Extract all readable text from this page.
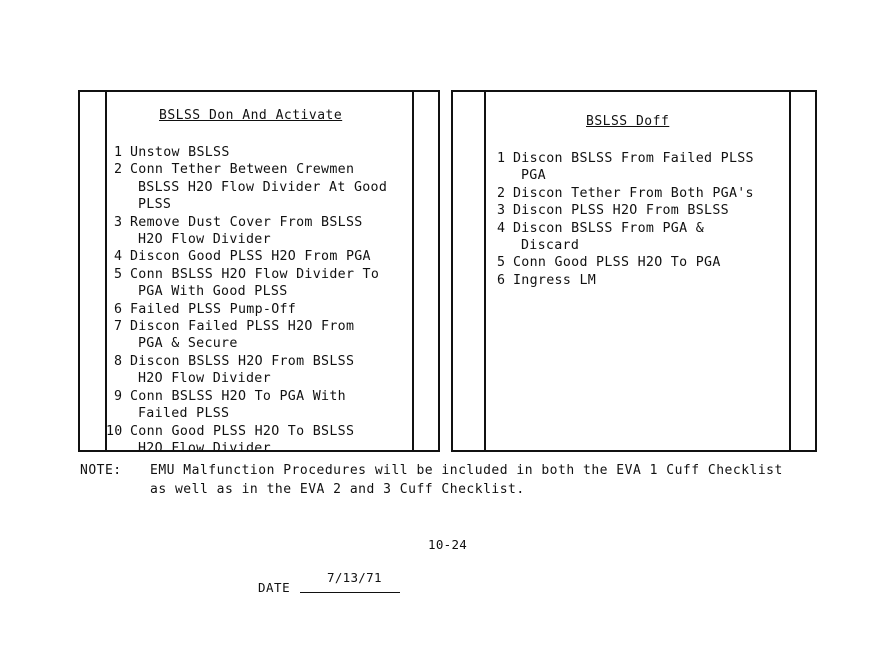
BSLSS Don And Activate
1 Unstow BSLSS
2 Conn Tether Between Crewmen
BSLSS H2O Flow Divider At Good
PLSS
3 Remove Dust Cover From BSLSS
H2O Flow Divider
4 Discon Good PLSS H2O From PGA
5 Conn BSLSS H2O Flow Divider To
PGA With Good PLSS
6 Failed PLSS Pump-Off
7 Discon Failed PLSS H2O From
PGA & Secure
8 Discon BSLSS H2O From BSLSS
H2O Flow Divider
9 Conn BSLSS H2O To PGA With
Failed PLSS
10 Conn Good PLSS H2O To BSLSS
H2O Flow Divider
BSLSS Doff
1 Discon BSLSS From Failed PLSS
PGA
2 Discon Tether From Both PGA's
3 Discon PLSS H2O From BSLSS
4 Discon BSLSS From PGA &
Discard
5 Conn Good PLSS H2O To PGA
6 Ingress LM
NOTE: EMU Malfunction Procedures will be included in both the EVA 1 Cuff Checklist
as well as in the EVA 2 and 3 Cuff Checklist.
10-24
DATE
7/13/71
